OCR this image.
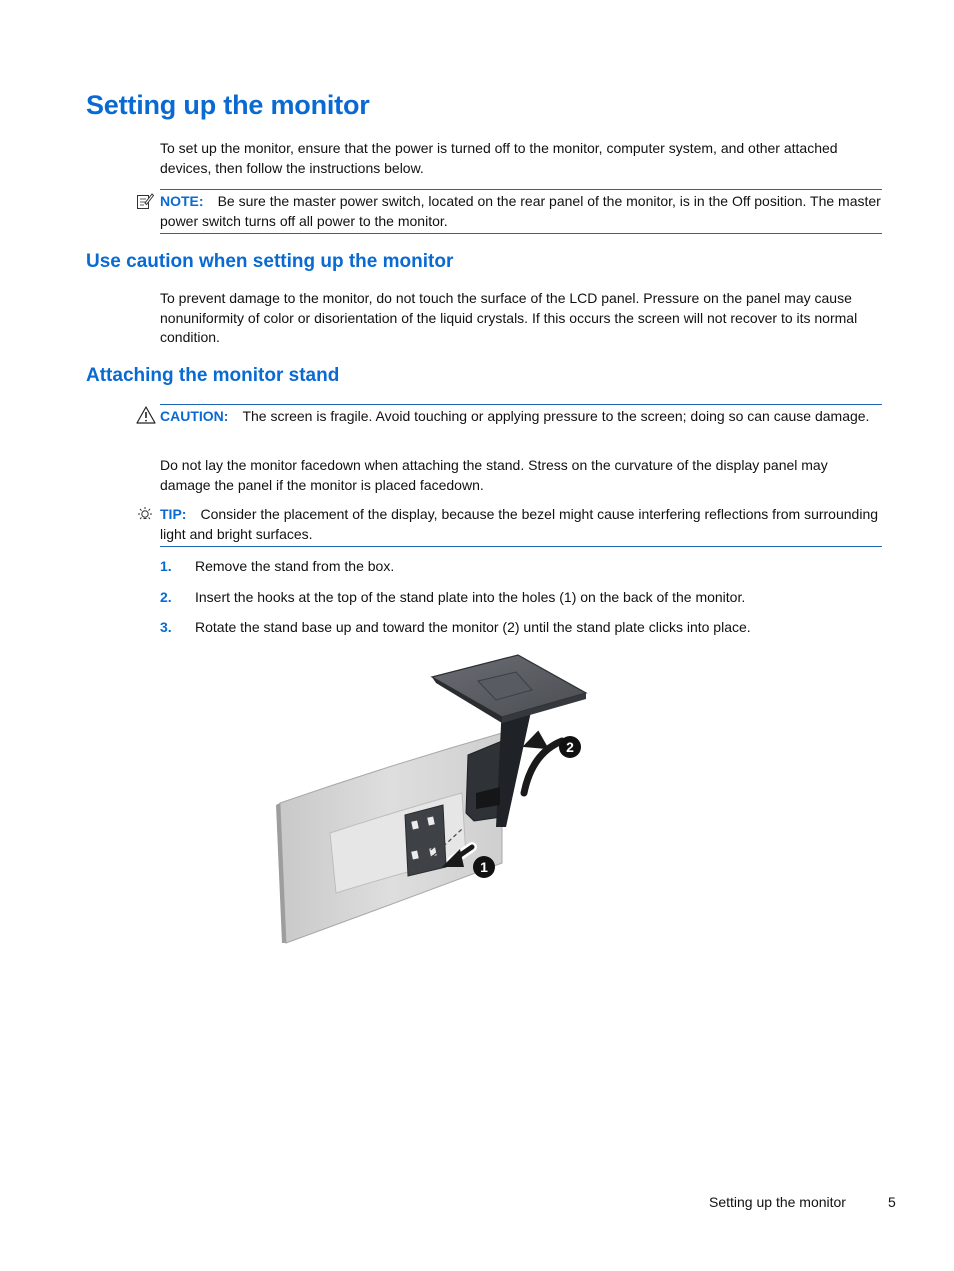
Setting up the monitor

To set up the monitor, ensure that the power is turned off to the monitor, computer system, and other attached devices, then follow the instructions below.

NOTE: Be sure the master power switch, located on the rear panel of the monitor, is in the Off position. The master power switch turns off all power to the monitor.

Use caution when setting up the monitor

To prevent damage to the monitor, do not touch the surface of the LCD panel. Pressure on the panel may cause nonuniformity of color or disorientation of the liquid crystals. If this occurs the screen will not recover to its normal condition.

Attaching the monitor stand

CAUTION: The screen is fragile. Avoid touching or applying pressure to the screen; doing so can cause damage.

Do not lay the monitor facedown when attaching the stand. Stress on the curvature of the display panel may damage the panel if the monitor is placed facedown.

TIP: Consider the placement of the display, because the bezel might cause interfering reflections from surrounding light and bright surfaces.

1. Remove the stand from the box.
2. Insert the hooks at the top of the stand plate into the holes (1) on the back of the monitor.
3. Rotate the stand base up and toward the monitor (2) until the stand plate clicks into place.
2
1
Setting up the monitor	5
